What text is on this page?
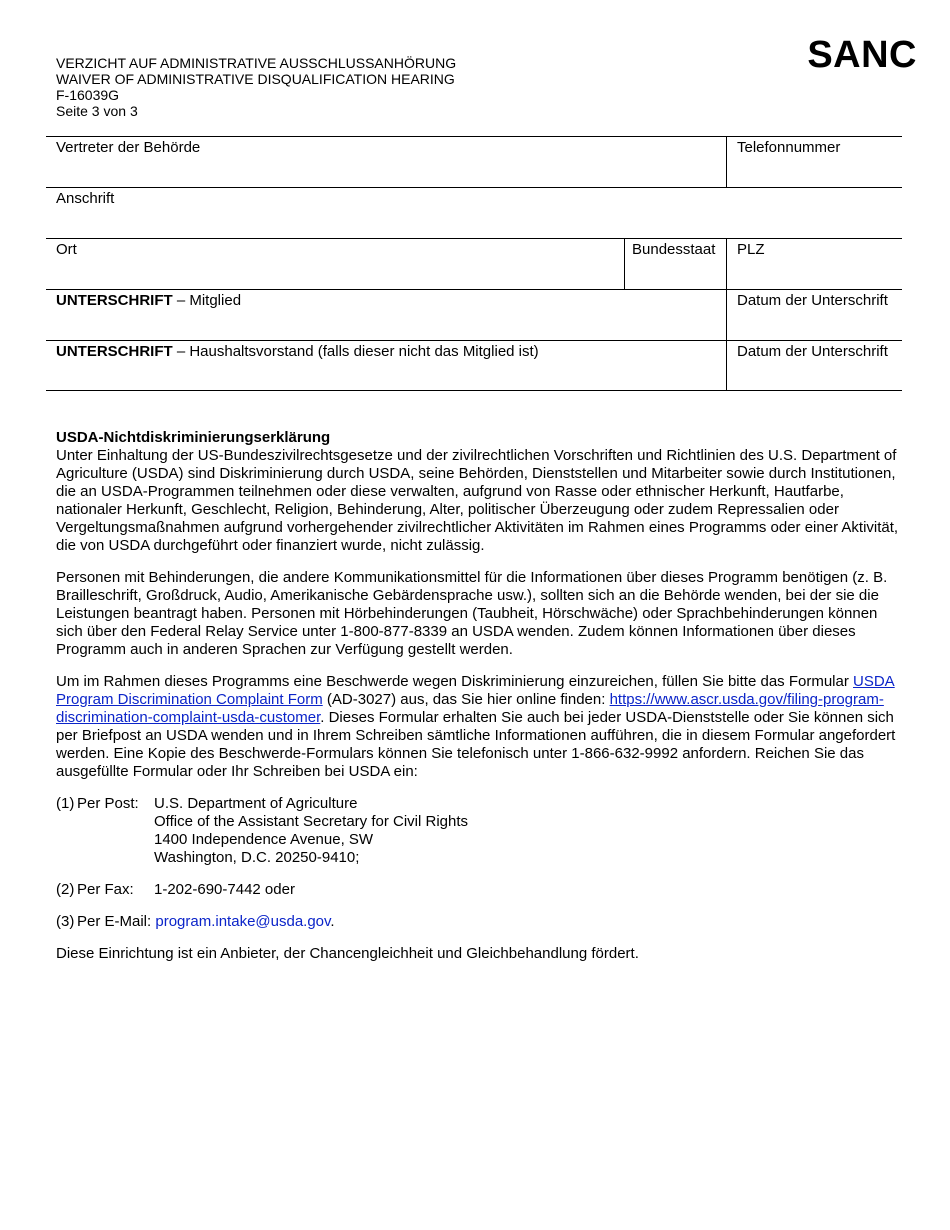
VERZICHT AUF ADMINISTRATIVE AUSSCHLUSSANHÖRUNG
WAIVER OF ADMINISTRATIVE DISQUALIFICATION HEARING
F-16039G
Seite 3 von 3
SANC
Vertreter der Behörde	Telefonnummer
Anschrift
Ort	Bundesstaat	PLZ
UNTERSCHRIFT – Mitglied	Datum der Unterschrift
UNTERSCHRIFT – Haushaltsvorstand (falls dieser nicht das Mitglied ist)	Datum der Unterschrift
USDA-Nichtdiskriminierungserklärung

Unter Einhaltung der US-Bundeszivilrechtsgesetze und der zivilrechtlichen Vorschriften und Richtlinien des U.S. Department of Agriculture (USDA) sind Diskriminierung durch USDA, seine Behörden, Dienststellen und Mitarbeiter sowie durch Institutionen, die an USDA-Programmen teilnehmen oder diese verwalten, aufgrund von Rasse oder ethnischer Herkunft, Hautfarbe, nationaler Herkunft, Geschlecht, Religion, Behinderung, Alter, politischer Überzeugung oder zudem Repressalien oder Vergeltungsmaßnahmen aufgrund vorhergehender zivilrechtlicher Aktivitäten im Rahmen eines Programms oder einer Aktivität, die von USDA durchgeführt oder finanziert wurde, nicht zulässig.

Personen mit Behinderungen, die andere Kommunikationsmittel für die Informationen über dieses Programm benötigen (z. B. Brailleschrift, Großdruck, Audio, Amerikanische Gebärdensprache usw.), sollten sich an die Behörde wenden, bei der sie die Leistungen beantragt haben. Personen mit Hörbehinderungen (Taubheit, Hörschwäche) oder Sprachbehinderungen können sich über den Federal Relay Service unter 1-800-877-8339 an USDA wenden. Zudem können Informationen über dieses Programm auch in anderen Sprachen zur Verfügung gestellt werden.

Um im Rahmen dieses Programms eine Beschwerde wegen Diskriminierung einzureichen, füllen Sie bitte das Formular USDA Program Discrimination Complaint Form (AD-3027) aus, das Sie hier online finden: https://www.ascr.usda.gov/filing-program-discrimination-complaint-usda-customer. Dieses Formular erhalten Sie auch bei jeder USDA-Dienststelle oder Sie können sich per Briefpost an USDA wenden und in Ihrem Schreiben sämtliche Informationen aufführen, die in diesem Formular angefordert werden. Eine Kopie des Beschwerde-Formulars können Sie telefonisch unter 1-866-632-9992 anfordern. Reichen Sie das ausgefüllte Formular oder Ihr Schreiben bei USDA ein:

(1) Per Post:	U.S. Department of Agriculture
Office of the Assistant Secretary for Civil Rights
1400 Independence Avenue, SW
Washington, D.C. 20250-9410;
(2) Per Fax:	1-202-690-7442 oder
(3) Per E-Mail: program.intake@usda.gov.
Diese Einrichtung ist ein Anbieter, der Chancengleichheit und Gleichbehandlung fördert.
